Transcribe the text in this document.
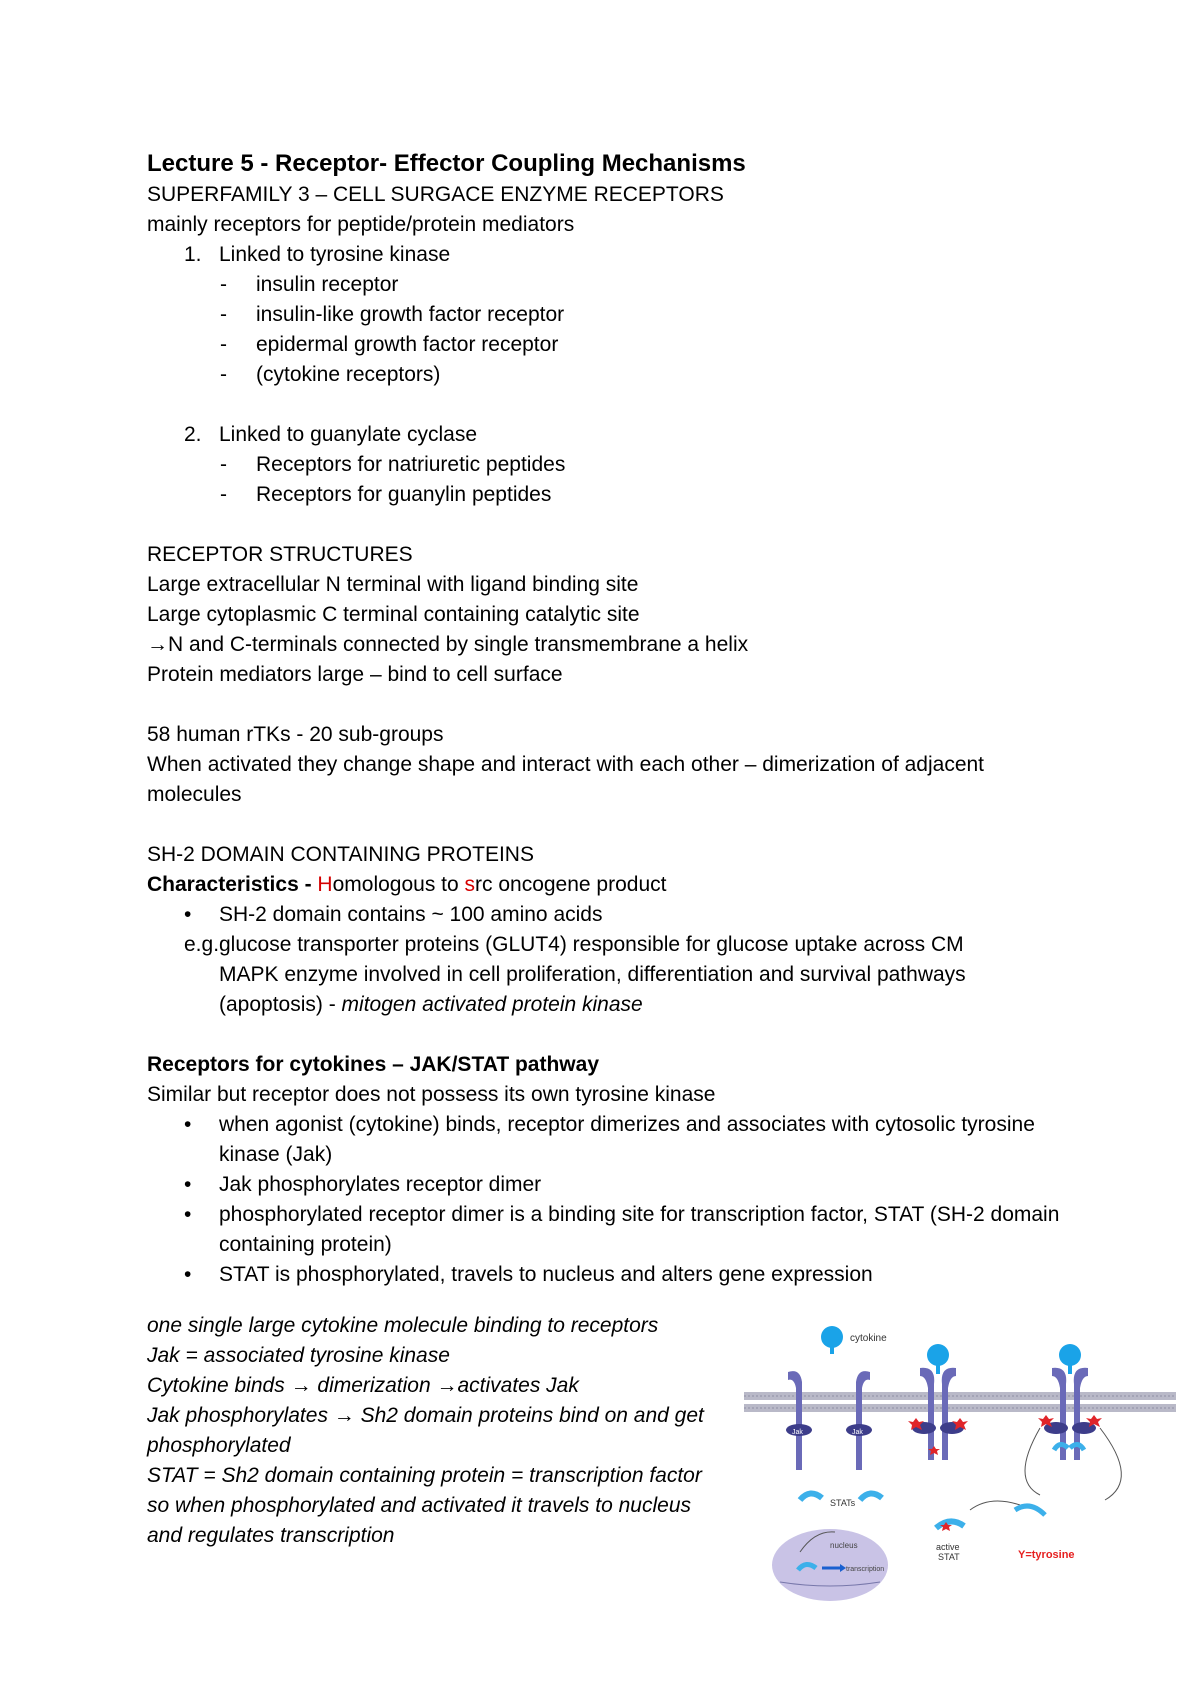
Lecture 5 - Receptor- Effector Coupling Mechanisms

SUPERFAMILY 3 – CELL SURGACE ENZYME RECEPTORS

mainly receptors for peptide/protein mediators

1. Linked to tyrosine kinase
- insulin receptor
- insulin-like growth factor receptor
- epidermal growth factor receptor
- (cytokine receptors)
2. Linked to guanylate cyclase
- Receptors for natriuretic peptides
- Receptors for guanylin peptides

RECEPTOR STRUCTURES

Large extracellular N terminal with ligand binding site

Large cytoplasmic C terminal containing catalytic site

→N and C-terminals connected by single transmembrane a helix

Protein mediators large – bind to cell surface

58 human rTKs - 20 sub-groups

When activated they change shape and interact with each other – dimerization of adjacent molecules

SH-2 DOMAIN CONTAINING PROTEINS

Characteristics - Homologous to src oncogene product

• SH-2 domain contains ~ 100 amino acids
e.g. glucose transporter proteins (GLUT4) responsible for glucose uptake across CM
MAPK enzyme involved in cell proliferation, differentiation and survival pathways (apoptosis) - mitogen activated protein kinase

Receptors for cytokines – JAK/STAT pathway

Similar but receptor does not possess its own tyrosine kinase

• when agonist (cytokine) binds, receptor dimerizes and associates with cytosolic tyrosine kinase (Jak)
• Jak phosphorylates receptor dimer
• phosphorylated receptor dimer is a binding site for transcription factor, STAT (SH-2 domain containing protein)
• STAT is phosphorylated, travels to nucleus and alters gene expression

one single large cytokine molecule binding to receptors

Jak = associated tyrosine kinase

Cytokine binds → dimerization →activates Jak

Jak phosphorylates → Sh2 domain proteins bind on and get phosphorylated

STAT = Sh2 domain containing protein = transcription factor so when phosphorylated and activated it travels to nucleus and regulates transcription

cytokine
Jak	Jak
STATs
active
STAT
nucleus
transcription
Y=tyrosine
